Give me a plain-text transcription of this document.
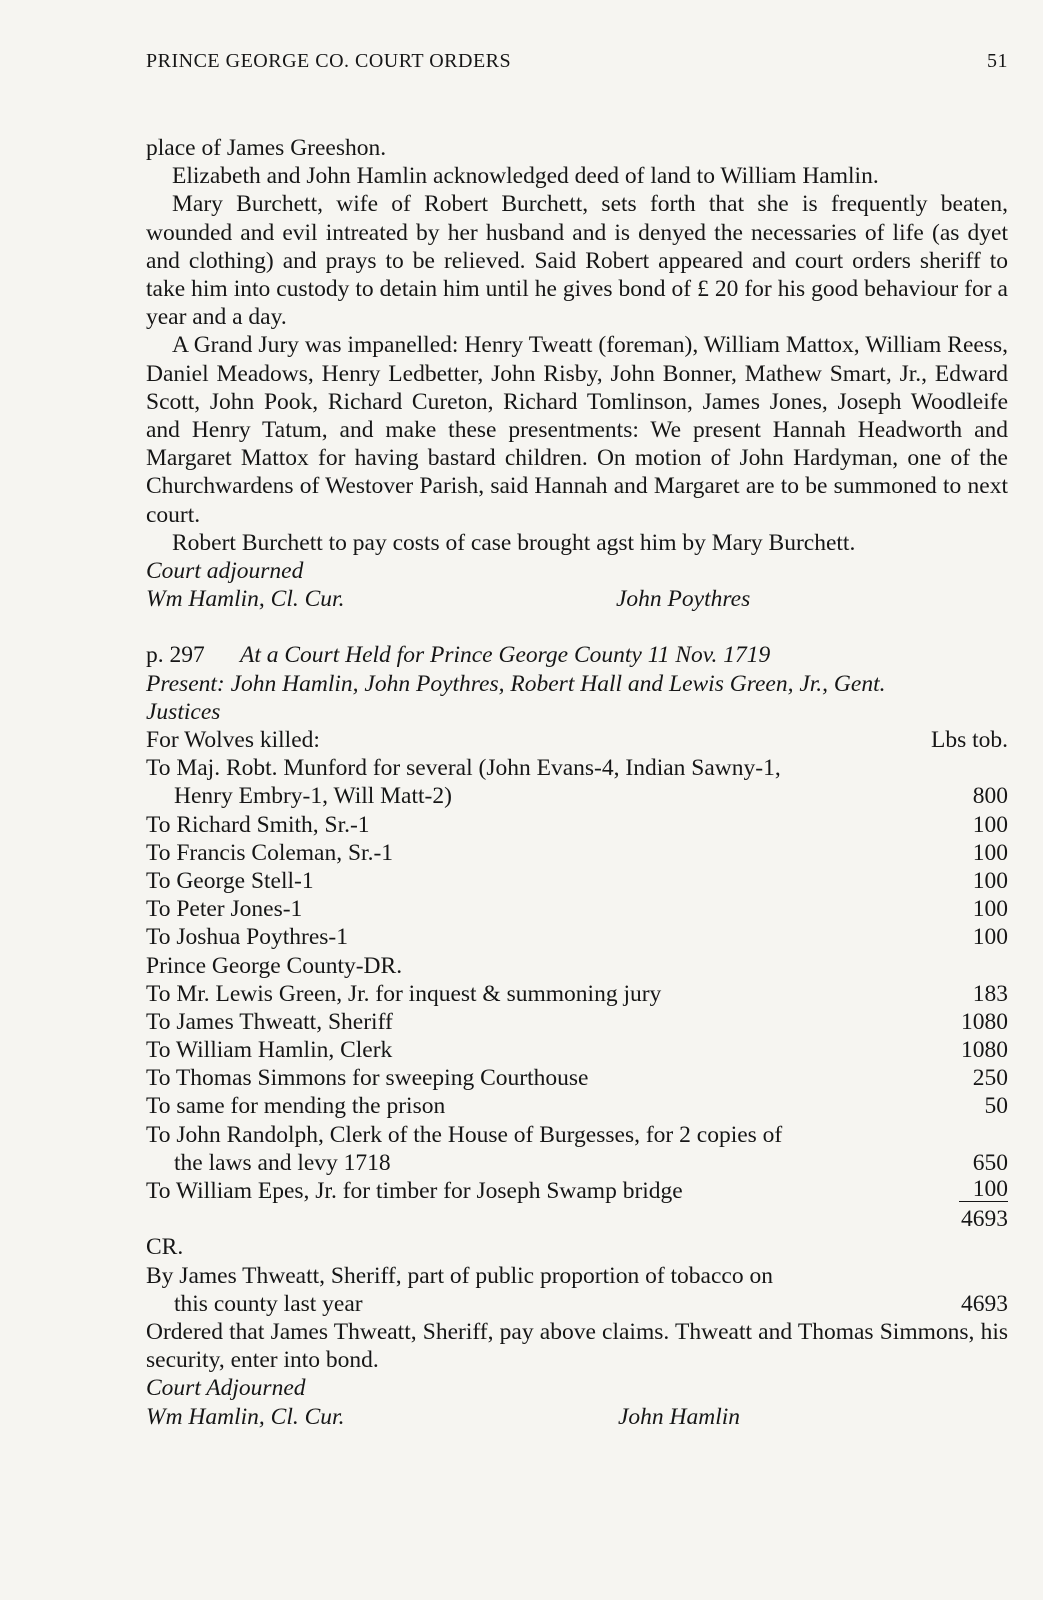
PRINCE GEORGE CO. COURT ORDERS	51

place of James Greeshon.

Elizabeth and John Hamlin acknowledged deed of land to William Hamlin.

Mary Burchett, wife of Robert Burchett, sets forth that she is frequently beaten, wounded and evil intreated by her husband and is denyed the necessaries of life (as dyet and clothing) and prays to be relieved. Said Robert appeared and court orders sheriff to take him into custody to detain him until he gives bond of £ 20 for his good behaviour for a year and a day.

A Grand Jury was impanelled: Henry Tweatt (foreman), William Mattox, William Reess, Daniel Meadows, Henry Ledbetter, John Risby, John Bonner, Mathew Smart, Jr., Edward Scott, John Pook, Richard Cureton, Richard Tomlinson, James Jones, Joseph Woodleife and Henry Tatum, and make these presentments: We present Hannah Headworth and Margaret Mattox for having bastard children. On motion of John Hardyman, one of the Churchwardens of Westover Parish, said Hannah and Margaret are to be summoned to next court.

Robert Burchett to pay costs of case brought agst him by Mary Burchett.

Court adjourned

Wm Hamlin, Cl. Cur.	John Poythres

p. 297 At a Court Held for Prince George County 11 Nov. 1719

Present: John Hamlin, John Poythres, Robert Hall and Lewis Green, Jr., Gent.

Justices

For Wolves killed:	Lbs tob.
To Maj. Robt. Munford for several (John Evans-4, Indian Sawny-1,
Henry Embry-1, Will Matt-2)	800
To Richard Smith, Sr.-1	100
To Francis Coleman, Sr.-1	100
To George Stell-1	100
To Peter Jones-1	100
To Joshua Poythres-1	100
Prince George County-DR.
To Mr. Lewis Green, Jr. for inquest & summoning jury	183
To James Thweatt, Sheriff	1080
To William Hamlin, Clerk	1080
To Thomas Simmons for sweeping Courthouse	250
To same for mending the prison	50
To John Randolph, Clerk of the House of Burgesses, for 2 copies of
the laws and levy 1718	650
To William Epes, Jr. for timber for Joseph Swamp bridge	100
4693
CR.
By James Thweatt, Sheriff, part of public proportion of tobacco on
this county last year	4693

Ordered that James Thweatt, Sheriff, pay above claims. Thweatt and Thomas Simmons, his security, enter into bond.

Court Adjourned

Wm Hamlin, Cl. Cur.	John Hamlin
